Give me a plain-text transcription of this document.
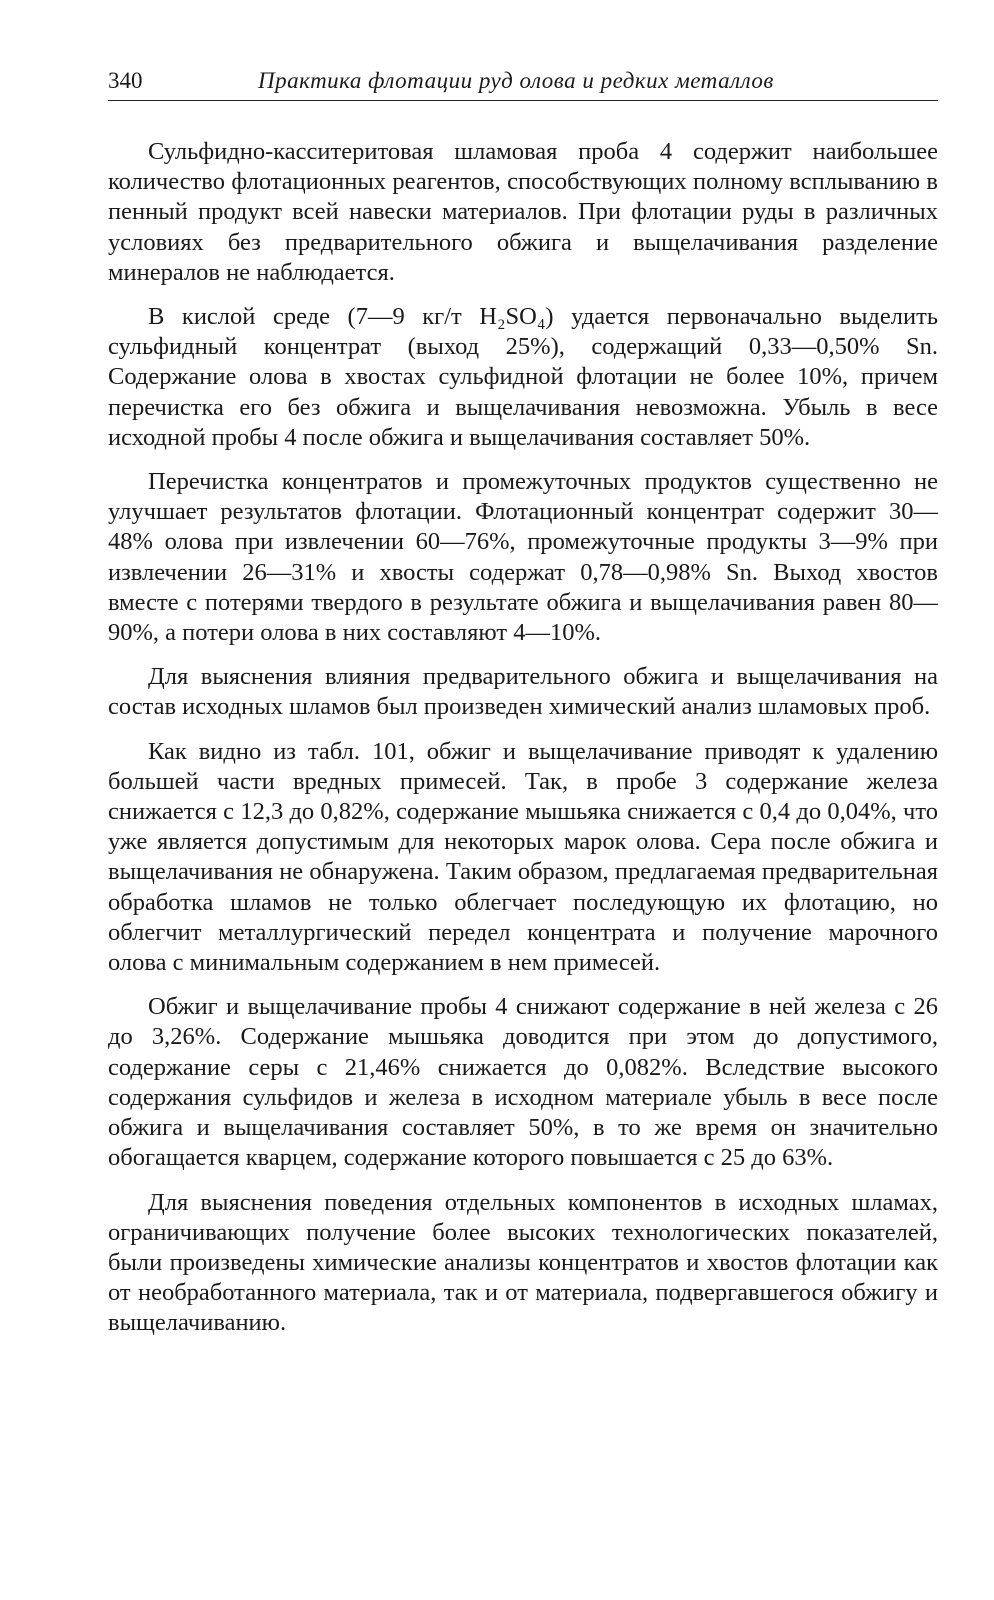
340	Практика флотации руд олова и редких металлов

Сульфидно-касситеритовая шламовая проба 4 содержит наибольшее количество флотационных реагентов, способствующих полному всплыванию в пенный продукт всей навески материалов. При флотации руды в различных условиях без предварительного обжига и выщелачивания разделение минералов не наблюдается.

В кислой среде (7—9 кг/т H₂SO₄) удается первоначально выделить сульфидный концентрат (выход 25%), содержащий 0,33—0,50% Sn. Содержание олова в хвостах сульфидной флотации не более 10%, причем перечистка его без обжига и выщелачивания невозможна. Убыль в весе исходной пробы 4 после обжига и выщелачивания составляет 50%.

Перечистка концентратов и промежуточных продуктов существенно не улучшает результатов флотации. Флотационный концентрат содержит 30—48% олова при извлечении 60—76%, промежуточные продукты 3—9% при извлечении 26—31% и хвосты содержат 0,78—0,98% Sn. Выход хвостов вместе с потерями твердого в результате обжига и выщелачивания равен 80—90%, а потери олова в них составляют 4—10%.

Для выяснения влияния предварительного обжига и выщелачивания на состав исходных шламов был произведен химический анализ шламовых проб.

Как видно из табл. 101, обжиг и выщелачивание приводят к удалению большей части вредных примесей. Так, в пробе 3 содержание железа снижается с 12,3 до 0,82%, содержание мышьяка снижается с 0,4 до 0,04%, что уже является допустимым для некоторых марок олова. Сера после обжига и выщелачивания не обнаружена. Таким образом, предлагаемая предварительная обработка шламов не только облегчает последующую их флотацию, но облегчит металлургический передел концентрата и получение марочного олова с минимальным содержанием в нем примесей.

Обжиг и выщелачивание пробы 4 снижают содержание в ней железа с 26 до 3,26%. Содержание мышьяка доводится при этом до допустимого, содержание серы с 21,46% снижается до 0,082%. Вследствие высокого содержания сульфидов и железа в исходном материале убыль в весе после обжига и выщелачивания составляет 50%, в то же время он значительно обогащается кварцем, содержание которого повышается с 25 до 63%.

Для выяснения поведения отдельных компонентов в исходных шламах, ограничивающих получение более высоких технологических показателей, были произведены химические анализы концентратов и хвостов флотации как от необработанного материала, так и от материала, подвергавшегося обжигу и выщелачиванию.
